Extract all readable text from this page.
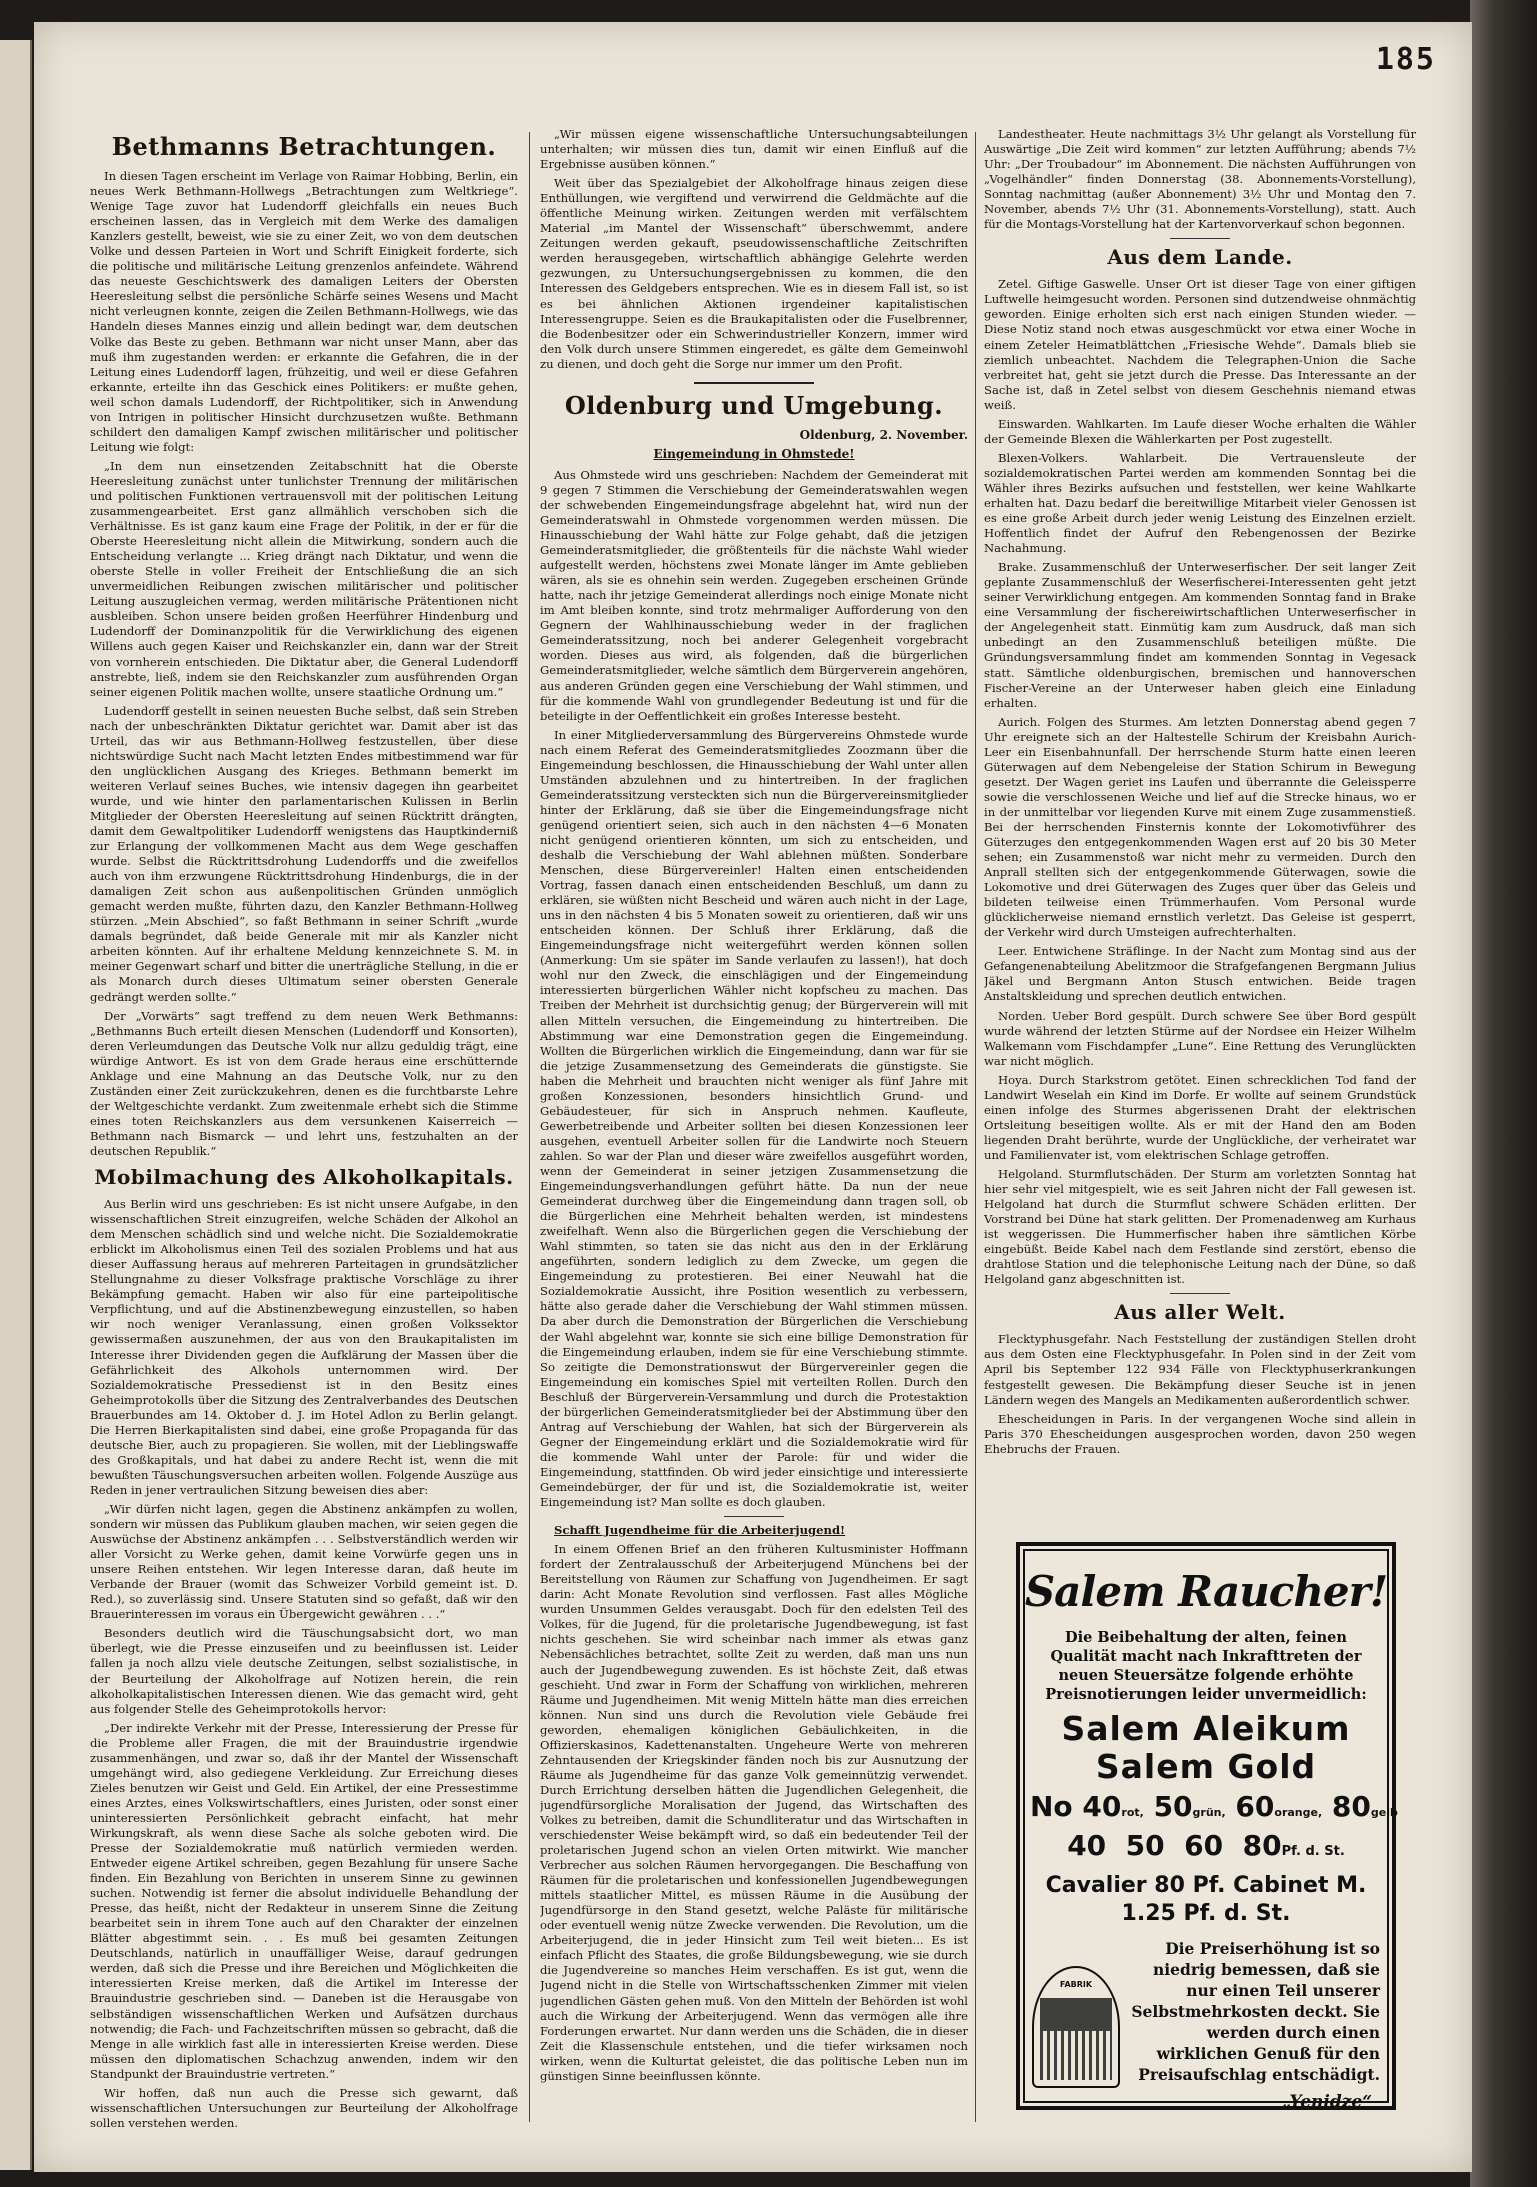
185
Bethmanns Betrachtungen.

In diesen Tagen erscheint im Verlage von Raimar Hobbing, Berlin, ein neues Werk Bethmann-Hollwegs „Betrachtungen zum Weltkriege“. Wenige Tage zuvor hat Ludendorff gleichfalls ein neues Buch erscheinen lassen, das in Vergleich mit dem Werke des damaligen Kanzlers gestellt, beweist, wie sie zu einer Zeit, wo von dem deutschen Volke und dessen Parteien in Wort und Schrift Einigkeit forderte, sich die politische und militärische Leitung grenzenlos anfeindete. Während das neueste Geschichtswerk des damaligen Leiters der Obersten Heeresleitung selbst die persönliche Schärfe seines Wesens und Macht nicht verleugnen konnte, zeigen die Zeilen Bethmann-Hollwegs, wie das Handeln dieses Mannes einzig und allein bedingt war, dem deutschen Volke das Beste zu geben. Bethmann war nicht unser Mann, aber das muß ihm zugestanden werden: er erkannte die Gefahren, die in der Leitung eines Ludendorff lagen, frühzeitig, und weil er diese Gefahren erkannte, erteilte ihn das Geschick eines Politikers: er mußte gehen, weil schon damals Ludendorff, der Richtpolitiker, sich in Anwendung von Intrigen in politischer Hinsicht durchzusetzen wußte. Bethmann schildert den damaligen Kampf zwischen militärischer und politischer Leitung wie folgt:

„In dem nun einsetzenden Zeitabschnitt hat die Oberste Heeresleitung zunächst unter tunlichster Trennung der militärischen und politischen Funktionen vertrauensvoll mit der politischen Leitung zusammengearbeitet. Erst ganz allmählich verschoben sich die Verhältnisse. Es ist ganz kaum eine Frage der Politik, in der er für die Oberste Heeresleitung nicht allein die Mitwirkung, sondern auch die Entscheidung verlangte ... Krieg drängt nach Diktatur, und wenn die oberste Stelle in voller Freiheit der Entschließung die an sich unvermeidlichen Reibungen zwischen militärischer und politischer Leitung auszugleichen vermag, werden militärische Prätentionen nicht ausbleiben. Schon unsere beiden großen Heerführer Hindenburg und Ludendorff der Dominanzpolitik für die Verwirklichung des eigenen Willens auch gegen Kaiser und Reichskanzler ein, dann war der Streit von vornherein entschieden. Die Diktatur aber, die General Ludendorff anstrebte, ließ, indem sie den Reichskanzler zum ausführenden Organ seiner eigenen Politik machen wollte, unsere staatliche Ordnung um.“

Ludendorff gestellt in seinen neuesten Buche selbst, daß sein Streben nach der unbeschränkten Diktatur gerichtet war. Damit aber ist das Urteil, das wir aus Bethmann-Hollweg festzustellen, über diese nichtswürdige Sucht nach Macht letzten Endes mitbestimmend war für den unglücklichen Ausgang des Krieges. Bethmann bemerkt im weiteren Verlauf seines Buches, wie intensiv dagegen ihn gearbeitet wurde, und wie hinter den parlamentarischen Kulissen in Berlin Mitglieder der Obersten Heeresleitung auf seinen Rücktritt drängten, damit dem Gewaltpolitiker Ludendorff wenigstens das Hauptkinderniß zur Erlangung der vollkommenen Macht aus dem Wege geschaffen wurde. Selbst die Rücktrittsdrohung Ludendorffs und die zweifellos auch von ihm erzwungene Rücktrittsdrohung Hindenburgs, die in der damaligen Zeit schon aus außenpolitischen Gründen unmöglich gemacht werden mußte, führten dazu, den Kanzler Bethmann-Hollweg stürzen. „Mein Abschied“, so faßt Bethmann in seiner Schrift „wurde damals begründet, daß beide Generale mit mir als Kanzler nicht arbeiten könnten. Auf ihr erhaltene Meldung kennzeichnete S. M. in meiner Gegenwart scharf und bitter die unerträgliche Stellung, in die er als Monarch durch dieses Ultimatum seiner obersten Generale gedrängt werden sollte.“

Der „Vorwärts“ sagt treffend zu dem neuen Werk Bethmanns: „Bethmanns Buch erteilt diesen Menschen (Ludendorff und Konsorten), deren Verleumdungen das Deutsche Volk nur allzu geduldig trägt, eine würdige Antwort. Es ist von dem Grade heraus eine erschütternde Anklage und eine Mahnung an das Deutsche Volk, nur zu den Zuständen einer Zeit zurückzukehren, denen es die furchtbarste Lehre der Weltgeschichte verdankt. Zum zweitenmale erhebt sich die Stimme eines toten Reichskanzlers aus dem versunkenen Kaiserreich — Bethmann nach Bismarck — und lehrt uns, festzuhalten an der deutschen Republik.“

Mobilmachung des Alkoholkapitals.

Aus Berlin wird uns geschrieben: Es ist nicht unsere Aufgabe, in den wissenschaftlichen Streit einzugreifen, welche Schäden der Alkohol an dem Menschen schädlich sind und welche nicht. Die Sozialdemokratie erblickt im Alkoholismus einen Teil des sozialen Problems und hat aus dieser Auffassung heraus auf mehreren Parteitagen in grundsätzlicher Stellungnahme zu dieser Volksfrage praktische Vorschläge zu ihrer Bekämpfung gemacht. Haben wir also für eine parteipolitische Verpflichtung, und auf die Abstinenzbewegung einzustellen, so haben wir noch weniger Veranlassung, einen großen Volkssektor gewissermaßen auszunehmen, der aus von den Braukapitalisten im Interesse ihrer Dividenden gegen die Aufklärung der Massen über die Gefährlichkeit des Alkohols unternommen wird. Der Sozialdemokratische Pressedienst ist in den Besitz eines Geheimprotokolls über die Sitzung des Zentralverbandes des Deutschen Brauerbundes am 14. Oktober d. J. im Hotel Adlon zu Berlin gelangt. Die Herren Bierkapitalisten sind dabei, eine große Propaganda für das deutsche Bier, auch zu propagieren. Sie wollen, mit der Lieblingswaffe des Großkapitals, und hat dabei zu andere Recht ist, wenn die mit bewußten Täuschungsversuchen arbeiten wollen. Folgende Auszüge aus Reden in jener vertraulichen Sitzung beweisen dies aber:

„Wir dürfen nicht lagen, gegen die Abstinenz ankämpfen zu wollen, sondern wir müssen das Publikum glauben machen, wir seien gegen die Auswüchse der Abstinenz ankämpfen . . . Selbstverständlich werden wir aller Vorsicht zu Werke gehen, damit keine Vorwürfe gegen uns in unsere Reihen entstehen. Wir legen Interesse daran, daß heute im Verbande der Brauer (womit das Schweizer Vorbild gemeint ist. D. Red.), so zuverlässig sind. Unsere Statuten sind so gefaßt, daß wir den Brauerinteressen im voraus ein Übergewicht gewähren . . .“

Besonders deutlich wird die Täuschungsabsicht dort, wo man überlegt, wie die Presse einzuseifen und zu beeinflussen ist. Leider fallen ja noch allzu viele deutsche Zeitungen, selbst sozialistische, in der Beurteilung der Alkoholfrage auf Notizen herein, die rein alkoholkapitalistischen Interessen dienen. Wie das gemacht wird, geht aus folgender Stelle des Geheimprotokolls hervor:

„Der indirekte Verkehr mit der Presse, Interessierung der Presse für die Probleme aller Fragen, die mit der Brauindustrie irgendwie zusammenhängen, und zwar so, daß ihr der Mantel der Wissenschaft umgehängt wird, also gediegene Verkleidung. Zur Erreichung dieses Zieles benutzen wir Geist und Geld. Ein Artikel, der eine Pressestimme eines Arztes, eines Volkswirtschaftlers, eines Juristen, oder sonst einer uninteressierten Persönlichkeit gebracht einfacht, hat mehr Wirkungskraft, als wenn diese Sache als solche geboten wird. Die Presse der Sozialdemokratie muß natürlich vermieden werden. Entweder eigene Artikel schreiben, gegen Bezahlung für unsere Sache finden. Ein Bezahlung von Berichten in unserem Sinne zu gewinnen suchen. Notwendig ist ferner die absolut individuelle Behandlung der Presse, das heißt, nicht der Redakteur in unserem Sinne die Zeitung bearbeitet sein in ihrem Tone auch auf den Charakter der einzelnen Blätter abgestimmt sein. . . Es muß bei gesamten Zeitungen Deutschlands, natürlich in unauffälliger Weise, darauf gedrungen werden, daß sich die Presse und ihre Bereichen und Möglichkeiten die interessierten Kreise merken, daß die Artikel im Interesse der Brauindustrie geschrieben sind. — Daneben ist die Herausgabe von selbständigen wissenschaftlichen Werken und Aufsätzen durchaus notwendig; die Fach- und Fachzeitschriften müssen so gebracht, daß die Menge in alle wirklich fast alle in interessierten Kreise werden. Diese müssen den diplomatischen Schachzug anwenden, indem wir den Standpunkt der Brauindustrie vertreten.“

Wir hoffen, daß nun auch die Presse sich gewarnt, daß wissenschaftlichen Untersuchungen zur Beurteilung der Alkoholfrage sollen verstehen werden.

„Wir müssen eigene wissenschaftliche Untersuchungsabteilungen unterhalten; wir müssen dies tun, damit wir einen Einfluß auf die Ergebnisse ausüben können.“

Weit über das Spezialgebiet der Alkoholfrage hinaus zeigen diese Enthüllungen, wie vergiftend und verwirrend die Geldmächte auf die öffentliche Meinung wirken. Zeitungen werden mit verfälschtem Material „im Mantel der Wissenschaft“ überschwemmt, andere Zeitungen werden gekauft, pseudowissenschaftliche Zeitschriften werden herausgegeben, wirtschaftlich abhängige Gelehrte werden gezwungen, zu Untersuchungsergebnissen zu kommen, die den Interessen des Geldgebers entsprechen. Wie es in diesem Fall ist, so ist es bei ähnlichen Aktionen irgendeiner kapitalistischen Interessengruppe. Seien es die Braukapitalisten oder die Fuselbrenner, die Bodenbesitzer oder ein Schwerindustrieller Konzern, immer wird den Volk durch unsere Stimmen eingeredet, es gälte dem Gemeinwohl zu dienen, und doch geht die Sorge nur immer um den Profit.

Oldenburg und Umgebung.
Oldenburg, 2. November.
Eingemeindung in Ohmstede!

Aus Ohmstede wird uns geschrieben: Nachdem der Gemeinderat mit 9 gegen 7 Stimmen die Verschiebung der Gemeinderatswahlen wegen der schwebenden Eingemeindungsfrage abgelehnt hat, wird nun der Gemeinderatswahl in Ohmstede vorgenommen werden müssen. Die Hinausschiebung der Wahl hätte zur Folge gehabt, daß die jetzigen Gemeinderatsmitglieder, die größtenteils für die nächste Wahl wieder aufgestellt werden, höchstens zwei Monate länger im Amte geblieben wären, als sie es ohnehin sein werden. Zugegeben erscheinen Gründe hatte, nach ihr jetzige Gemeinderat allerdings noch einige Monate nicht im Amt bleiben konnte, sind trotz mehrmaliger Aufforderung von den Gegnern der Wahlhinausschiebung weder in der fraglichen Gemeinderatssitzung, noch bei anderer Gelegenheit vorgebracht worden. Dieses aus wird, als folgenden, daß die bürgerlichen Gemeinderatsmitglieder, welche sämtlich dem Bürgerverein angehören, aus anderen Gründen gegen eine Verschiebung der Wahl stimmen, und für die kommende Wahl von grundlegender Bedeutung ist und für die beteiligte in der Oeffentlichkeit ein großes Interesse besteht.

In einer Mitgliederversammlung des Bürgervereins Ohmstede wurde nach einem Referat des Gemeinderatsmitgliedes Zoozmann über die Eingemeindung beschlossen, die Hinausschiebung der Wahl unter allen Umständen abzulehnen und zu hintertreiben. In der fraglichen Gemeinderatssitzung versteckten sich nun die Bürgervereinsmitglieder hinter der Erklärung, daß sie über die Eingemeindungsfrage nicht genügend orientiert seien, sich auch in den nächsten 4—6 Monaten nicht genügend orientieren könnten, um sich zu entscheiden, und deshalb die Verschiebung der Wahl ablehnen müßten. Sonderbare Menschen, diese Bürgervereinler! Halten einen entscheidenden Vortrag, fassen danach einen entscheidenden Beschluß, um dann zu erklären, sie wüßten nicht Bescheid und wären auch nicht in der Lage, uns in den nächsten 4 bis 5 Monaten soweit zu orientieren, daß wir uns entscheiden können. Der Schluß ihrer Erklärung, daß die Eingemeindungsfrage nicht weitergeführt werden können sollen (Anmerkung: Um sie später im Sande verlaufen zu lassen!), hat doch wohl nur den Zweck, die einschlägigen und der Eingemeindung interessierten bürgerlichen Wähler nicht kopfscheu zu machen. Das Treiben der Mehrheit ist durchsichtig genug; der Bürgerverein will mit allen Mitteln versuchen, die Eingemeindung zu hintertreiben. Die Abstimmung war eine Demonstration gegen die Eingemeindung. Wollten die Bürgerlichen wirklich die Eingemeindung, dann war für sie die jetzige Zusammensetzung des Gemeinderats die günstigste. Sie haben die Mehrheit und brauchten nicht weniger als fünf Jahre mit großen Konzessionen, besonders hinsichtlich Grund- und Gebäudesteuer, für sich in Anspruch nehmen. Kaufleute, Gewerbetreibende und Arbeiter sollten bei diesen Konzessionen leer ausgehen, eventuell Arbeiter sollen für die Landwirte noch Steuern zahlen. So war der Plan und dieser wäre zweifellos ausgeführt worden, wenn der Gemeinderat in seiner jetzigen Zusammensetzung die Eingemeindungsverhandlungen geführt hätte. Da nun der neue Gemeinderat durchweg über die Eingemeindung dann tragen soll, ob die Bürgerlichen eine Mehrheit behalten werden, ist mindestens zweifelhaft. Wenn also die Bürgerlichen gegen die Verschiebung der Wahl stimmten, so taten sie das nicht aus den in der Erklärung angeführten, sondern lediglich zu dem Zwecke, um gegen die Eingemeindung zu protestieren. Bei einer Neuwahl hat die Sozialdemokratie Aussicht, ihre Position wesentlich zu verbessern, hätte also gerade daher die Verschiebung der Wahl stimmen müssen. Da aber durch die Demonstration der Bürgerlichen die Verschiebung der Wahl abgelehnt war, konnte sie sich eine billige Demonstration für die Eingemeindung erlauben, indem sie für eine Verschiebung stimmte. So zeitigte die Demonstrationswut der Bürgervereinler gegen die Eingemeindung ein komisches Spiel mit verteilten Rollen. Durch den Beschluß der Bürgerverein-Versammlung und durch die Protestaktion der bürgerlichen Gemeinderatsmitglieder bei der Abstimmung über den Antrag auf Verschiebung der Wahlen, hat sich der Bürgerverein als Gegner der Eingemeindung erklärt und die Sozialdemokratie wird für die kommende Wahl unter der Parole: für und wider die Eingemeindung, stattfinden. Ob wird jeder einsichtige und interessierte Gemeindebürger, der für und ist, die Sozialdemokratie ist, weiter Eingemeindung ist? Man sollte es doch glauben.

Schafft Jugendheime für die Arbeiterjugend!

In einem Offenen Brief an den früheren Kultusminister Hoffmann fordert der Zentralausschuß der Arbeiterjugend Münchens bei der Bereitstellung von Räumen zur Schaffung von Jugendheimen. Er sagt darin: Acht Monate Revolution sind verflossen. Fast alles Mögliche wurden Unsummen Geldes verausgabt. Doch für den edelsten Teil des Volkes, für die Jugend, für die proletarische Jugendbewegung, ist fast nichts geschehen. Sie wird scheinbar nach immer als etwas ganz Nebensächliches betrachtet, sollte Zeit zu werden, daß man uns nun auch der Jugendbewegung zuwenden. Es ist höchste Zeit, daß etwas geschieht. Und zwar in Form der Schaffung von wirklichen, mehreren Räume und Jugendheimen. Mit wenig Mitteln hätte man dies erreichen können. Nun sind uns durch die Revolution viele Gebäude frei geworden, ehemaligen königlichen Gebäulichkeiten, in die Offizierskasinos, Kadettenanstalten. Ungeheure Werte von mehreren Zehntausenden der Kriegskinder fänden noch bis zur Ausnutzung der Räume als Jugendheime für das ganze Volk gemeinnützig verwendet. Durch Errichtung derselben hätten die Jugendlichen Gelegenheit, die jugendfürsorgliche Moralisation der Jugend, das Wirtschaften des Volkes zu betreiben, damit die Schundliteratur und das Wirtschaften in verschiedenster Weise bekämpft wird, so daß ein bedeutender Teil der proletarischen Jugend schon an vielen Orten mitwirkt. Wie mancher Verbrecher aus solchen Räumen hervorgegangen. Die Beschaffung von Räumen für die proletarischen und konfessionellen Jugendbewegungen mittels staatlicher Mittel, es müssen Räume in die Ausübung der Jugendfürsorge in den Stand gesetzt, welche Paläste für militärische oder eventuell wenig nütze Zwecke verwenden. Die Revolution, um die Arbeiterjugend, die in jeder Hinsicht zum Teil weit bieten... Es ist einfach Pflicht des Staates, die große Bildungsbewegung, wie sie durch die Jugendvereine so manches Heim verschaffen. Es ist gut, wenn die Jugend nicht in die Stelle von Wirtschaftsschenken Zimmer mit vielen jugendlichen Gästen gehen muß. Von den Mitteln der Behörden ist wohl auch die Wirkung der Arbeiterjugend. Wenn das vermögen alle ihre Forderungen erwartet. Nur dann werden uns die Schäden, die in dieser Zeit die Klassenschule entstehen, und die tiefer wirksamen noch wirken, wenn die Kulturtat geleistet, die das politische Leben nun im günstigen Sinne beeinflussen könnte.

Landestheater. Heute nachmittags 3½ Uhr gelangt als Vorstellung für Auswärtige „Die Zeit wird kommen“ zur letzten Aufführung; abends 7½ Uhr: „Der Troubadour“ im Abonnement. Die nächsten Aufführungen von „Vogelhändler“ finden Donnerstag (38. Abonnements-Vorstellung), Sonntag nachmittag (außer Abonnement) 3½ Uhr und Montag den 7. November, abends 7½ Uhr (31. Abonnements-Vorstellung), statt. Auch für die Montags-Vorstellung hat der Kartenvorverkauf schon begonnen.

Aus dem Lande.

Zetel. Giftige Gaswelle. Unser Ort ist dieser Tage von einer giftigen Luftwelle heimgesucht worden. Personen sind dutzendweise ohnmächtig geworden. Einige erholten sich erst nach einigen Stunden wieder. — Diese Notiz stand noch etwas ausgeschmückt vor etwa einer Woche in einem Zeteler Heimatblättchen „Friesische Wehde“. Damals blieb sie ziemlich unbeachtet. Nachdem die Telegraphen-Union die Sache verbreitet hat, geht sie jetzt durch die Presse. Das Interessante an der Sache ist, daß in Zetel selbst von diesem Geschehnis niemand etwas weiß.

Einswarden. Wahlkarten. Im Laufe dieser Woche erhalten die Wähler der Gemeinde Blexen die Wählerkarten per Post zugestellt.

Blexen-Volkers. Wahlarbeit. Die Vertrauensleute der sozialdemokratischen Partei werden am kommenden Sonntag bei die Wähler ihres Bezirks aufsuchen und feststellen, wer keine Wahlkarte erhalten hat. Dazu bedarf die bereitwillige Mitarbeit vieler Genossen ist es eine große Arbeit durch jeder wenig Leistung des Einzelnen erzielt. Hoffentlich findet der Aufruf den Rebengenossen der Bezirke Nachahmung.

Brake. Zusammenschluß der Unterweserfischer. Der seit langer Zeit geplante Zusammenschluß der Weserfischerei-Interessenten geht jetzt seiner Verwirklichung entgegen. Am kommenden Sonntag fand in Brake eine Versammlung der fischereiwirtschaftlichen Unterweserfischer in der Angelegenheit statt. Einmütig kam zum Ausdruck, daß man sich unbedingt an den Zusammenschluß beteiligen müßte. Die Gründungsversammlung findet am kommenden Sonntag in Vegesack statt. Sämtliche oldenburgischen, bremischen und hannoverschen Fischer-Vereine an der Unterweser haben gleich eine Einladung erhalten.

Aurich. Folgen des Sturmes. Am letzten Donnerstag abend gegen 7 Uhr ereignete sich an der Haltestelle Schirum der Kreisbahn Aurich-Leer ein Eisenbahnunfall. Der herrschende Sturm hatte einen leeren Güterwagen auf dem Nebengeleise der Station Schirum in Bewegung gesetzt. Der Wagen geriet ins Laufen und überrannte die Geleissperre sowie die verschlossenen Weiche und lief auf die Strecke hinaus, wo er in der unmittelbar vor liegenden Kurve mit einem Zuge zusammenstieß. Bei der herrschenden Finsternis konnte der Lokomotivführer des Güterzuges den entgegenkommenden Wagen erst auf 20 bis 30 Meter sehen; ein Zusammenstoß war nicht mehr zu vermeiden. Durch den Anprall stellten sich der entgegenkommende Güterwagen, sowie die Lokomotive und drei Güterwagen des Zuges quer über das Geleis und bildeten teilweise einen Trümmerhaufen. Vom Personal wurde glücklicherweise niemand ernstlich verletzt. Das Geleise ist gesperrt, der Verkehr wird durch Umsteigen aufrechterhalten.

Leer. Entwichene Sträflinge. In der Nacht zum Montag sind aus der Gefangenenabteilung Abelitzmoor die Strafgefangenen Bergmann Julius Jäkel und Bergmann Anton Stusch entwichen. Beide tragen Anstaltskleidung und sprechen deutlich entwichen.

Norden. Ueber Bord gespült. Durch schwere See über Bord gespült wurde während der letzten Stürme auf der Nordsee ein Heizer Wilhelm Walkemann vom Fischdampfer „Lune“. Eine Rettung des Verunglückten war nicht möglich.

Hoya. Durch Starkstrom getötet. Einen schrecklichen Tod fand der Landwirt Weselah ein Kind im Dorfe. Er wollte auf seinem Grundstück einen infolge des Sturmes abgerissenen Draht der elektrischen Ortsleitung beseitigen wollte. Als er mit der Hand den am Boden liegenden Draht berührte, wurde der Unglückliche, der verheiratet war und Familienvater ist, vom elektrischen Schlage getroffen.

Helgoland. Sturmflutschäden. Der Sturm am vorletzten Sonntag hat hier sehr viel mitgespielt, wie es seit Jahren nicht der Fall gewesen ist. Helgoland hat durch die Sturmflut schwere Schäden erlitten. Der Vorstrand bei Düne hat stark gelitten. Der Promenadenweg am Kurhaus ist weggerissen. Die Hummerfischer haben ihre sämtlichen Körbe eingebüßt. Beide Kabel nach dem Festlande sind zerstört, ebenso die drahtlose Station und die telephonische Leitung nach der Düne, so daß Helgoland ganz abgeschnitten ist.

Aus aller Welt.

Flecktyphusgefahr. Nach Feststellung der zuständigen Stellen droht aus dem Osten eine Flecktyphusgefahr. In Polen sind in der Zeit vom April bis September 122 934 Fälle von Flecktyphuserkrankungen festgestellt gewesen. Die Bekämpfung dieser Seuche ist in jenen Ländern wegen des Mangels an Medikamenten außerordentlich schwer.

Ehescheidungen in Paris. In der vergangenen Woche sind allein in Paris 370 Ehescheidungen ausgesprochen worden, davon 250 wegen Ehebruchs der Frauen.

Salem Raucher!
Die Beibehaltung der alten, feinen Qualität macht nach Inkrafttreten der neuen Steuersätze folgende erhöhte Preisnotierungen leider unvermeidlich:
Salem Aleikum
Salem Gold
No 40rot, 50grün, 60orange, 80gelb
40 50 60 80Pf. d. St.
Cavalier 80 Pf. Cabinet M. 1.25 Pf. d. St.
FABRIK
Die Preiserhöhung ist so niedrig bemessen, daß sie nur einen Teil unserer Selbstmehrkosten deckt. Sie werden durch einen wirklichen Genuß für den Preisaufschlag entschädigt.
„Yenidze“
